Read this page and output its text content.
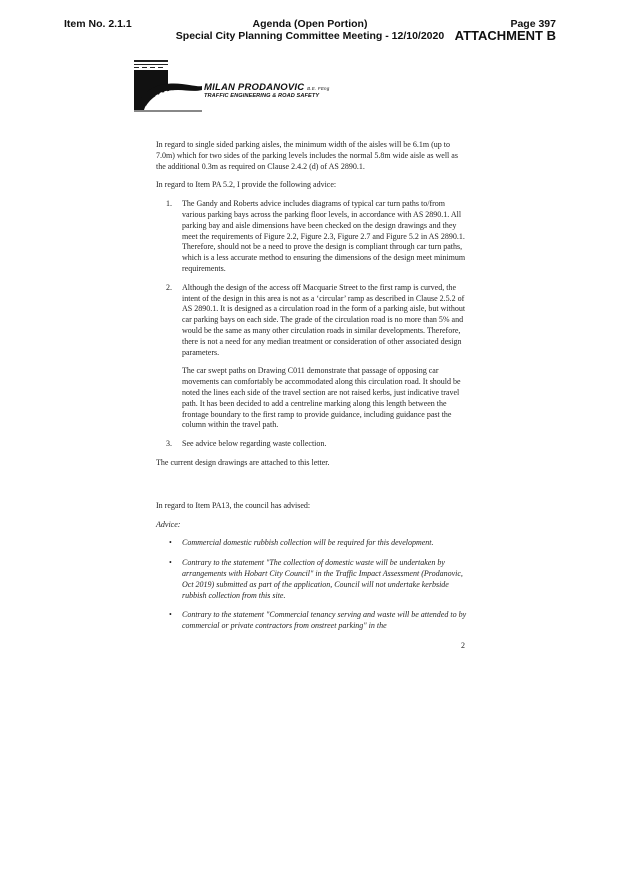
Item No. 2.1.1	Agenda (Open Portion)
Special City Planning Committee Meeting - 12/10/2020
Page 397
ATTACHMENT B
MILAN PRODANOVIC B.E. FEng
TRAFFIC ENGINEERING & ROAD SAFETY

In regard to single sided parking aisles, the minimum width of the aisles will be 6.1m (up to 7.0m) which for two sides of the parking levels includes the normal 5.8m wide aisle as well as the additional 0.3m as required on Clause 2.4.2 (d) of AS 2890.1.

In regard to Item PA 5.2, I provide the following advice:

1. The Gandy and Roberts advice includes diagrams of typical car turn paths to/from various parking bays across the parking floor levels, in accordance with AS 2890.1. All parking bay and aisle dimensions have been checked on the design drawings and they meet the requirements of Figure 2.2, Figure 2.3, Figure 2.7 and Figure 5.2 in AS 2890.1. Therefore, should not be a need to prove the design is compliant through car turn paths, which is a less accurate method to ensuring the dimensions of the design meet minimum requirements.

2. Although the design of the access off Macquarie Street to the first ramp is curved, the intent of the design in this area is not as a ‘circular’ ramp as described in Clause 2.5.2 of AS 2890.1. It is designed as a circulation road in the form of a parking aisle, but without car parking bays on each side. The grade of the circulation road is no more than 5% and would be the same as many other circulation roads in similar developments. Therefore, there is not a need for any median treatment or consideration of other associated design parameters.

The car swept paths on Drawing C011 demonstrate that passage of opposing car movements can comfortably be accommodated along this circulation road. It should be noted the lines each side of the travel section are not raised kerbs, just indicative travel path. It has been decided to add a centreline marking along this length between the frontage boundary to the first ramp to provide guidance, including guidance past the column within the travel path.

3. See advice below regarding waste collection.

The current design drawings are attached to this letter.

In regard to Item PA13, the council has advised:

Advice:

• Commercial domestic rubbish collection will be required for this development.
• Contrary to the statement "The collection of domestic waste will be undertaken by arrangements with Hobart City Council" in the Traffic Impact Assessment (Prodanovic, Oct 2019) submitted as part of the application, Council will not undertake kerbside rubbish collection from this site.
• Contrary to the statement "Commercial tenancy serving and waste will be attended to by commercial or private contractors from onstreet parking" in the
2
